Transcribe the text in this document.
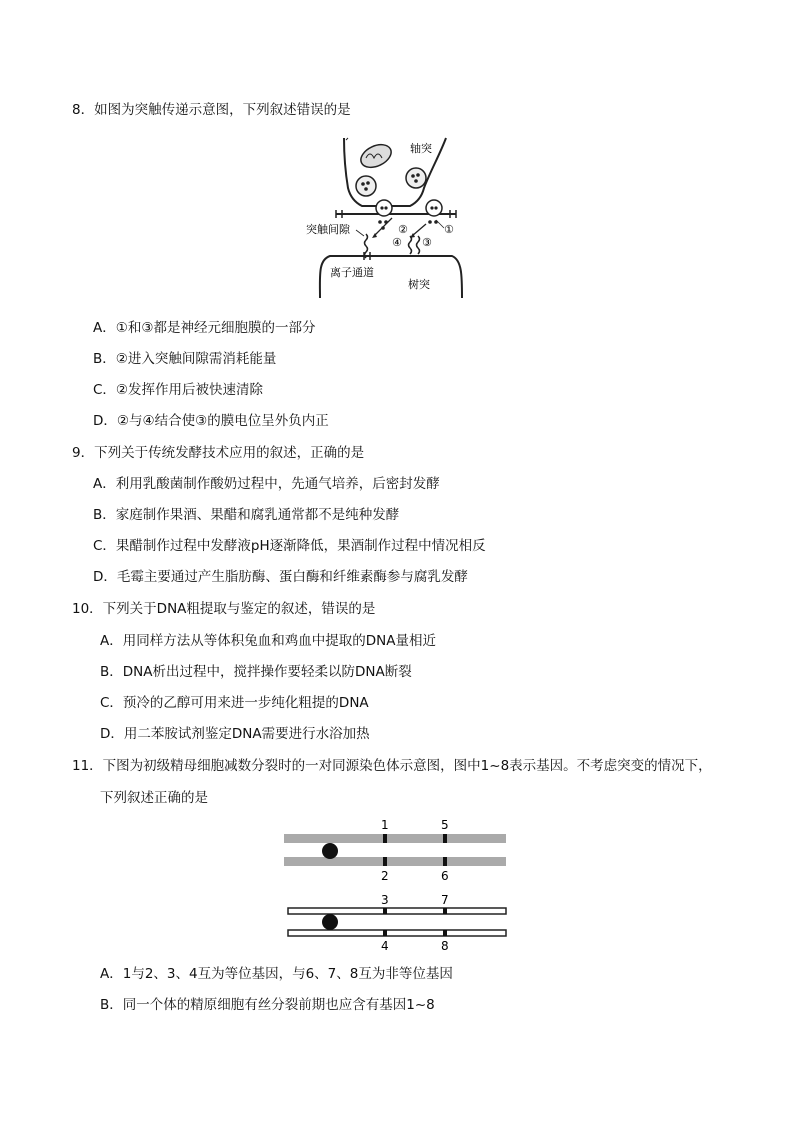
8．如图为突触传递示意图，下列叙述错误的是
②	①
③
④
轴突
突触间隙
离子通道
树突
A．①和③都是神经元细胞膜的一部分
B．②进入突触间隙需消耗能量
C．②发挥作用后被快速清除
D．②与④结合使③的膜电位呈外负内正
9．下列关于传统发酵技术应用的叙述，正确的是
A．利用乳酸菌制作酸奶过程中，先通气培养，后密封发酵
B．家庭制作果酒、果醋和腐乳通常都不是纯种发酵
C．果醋制作过程中发酵液pH逐渐降低，果酒制作过程中情况相反
D．毛霉主要通过产生脂肪酶、蛋白酶和纤维素酶参与腐乳发酵
10．下列关于DNA粗提取与鉴定的叙述，错误的是
A．用同样方法从等体积兔血和鸡血中提取的DNA量相近
B．DNA析出过程中，搅拌操作要轻柔以防DNA断裂
C．预冷的乙醇可用来进一步纯化粗提的DNA
D．用二苯胺试剂鉴定DNA需要进行水浴加热
11．下图为初级精母细胞减数分裂时的一对同源染色体示意图，图中1~8表示基因。不考虑突变的情况下，
下列叙述正确的是
1	5
2	6
3	7
4	8
A．1与2、3、4互为等位基因，与6、7、8互为非等位基因
B．同一个体的精原细胞有丝分裂前期也应含有基因1~8
